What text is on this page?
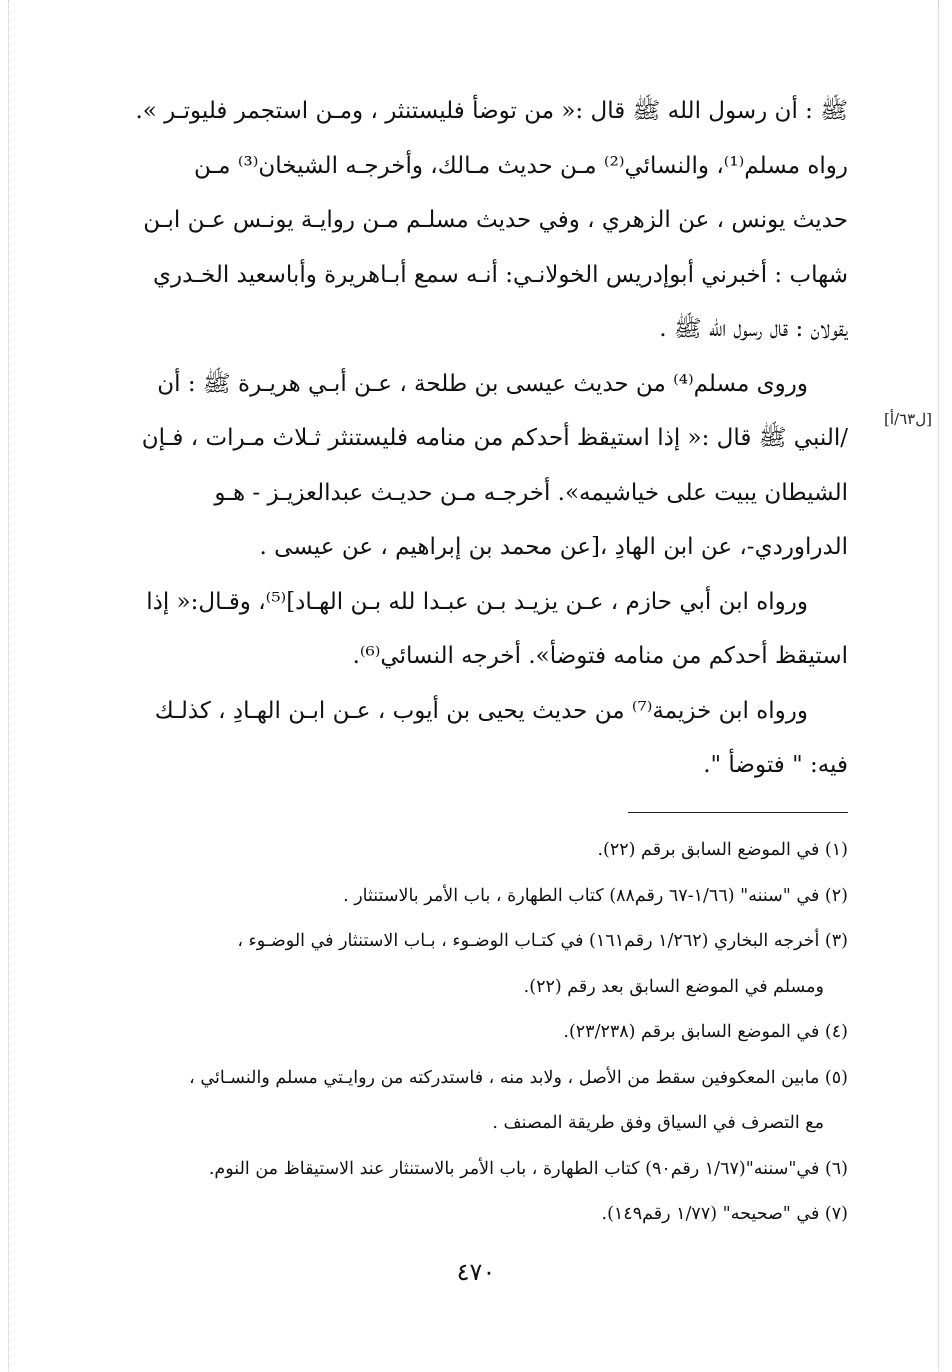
ﷺ : أن رسول الله ﷺ قال :« من توضأ فليستنثر ، ومـن استجمر فليوتـر ».
رواه مسلم⁽¹⁾، والنسائي⁽²⁾ مـن حديث مـالك، وأخرجـه الشيخان⁽³⁾ مـن
حديث يونس ، عن الزهري ، وفي حديث مسلـم مـن روايـة يونـس عـن ابـن
شهاب : أخبرني أبوإدريس الخولانـي: أنـه سمع أبـاهريرة وأباسعيد الخـدري
يقولان : قال رسول الله ﷺ .
وروى مسلم⁽⁴⁾ من حديث عيسى بن طلحة ، عـن أبـي هريـرة ﷺ : أن
/النبي ﷺ قال :« إذا استيقظ أحدكم من منامه فليستنثر ثـلاث مـرات ، فـإن
الشيطان يبيت على خياشيمه». أخرجـه مـن حديـث عبدالعزيـز - هـو
الدراوردي-، عن ابن الهادِ ،[عن محمد بن إبراهيم ، عن عيسى .
ورواه ابن أبي حازم ، عـن يزيـد بـن عبـدا لله بـن الهـاد]⁽⁵⁾، وقـال:« إذا
استيقظ أحدكم من منامه فتوضأ». أخرجه النسائي⁽⁶⁾.
ورواه ابن خزيمة⁽⁷⁾ من حديث يحيى بن أيوب ، عـن ابـن الهـادِ ، كذلـك
فيه: " فتوضأ ".
[ل٦٣/أ]
(١) في الموضع السابق برقم (٢٢).
(٢) في "سننه" (١/٦٦-٦٧ رقم٨٨) كتاب الطهارة ، باب الأمر بالاستنثار .
(٣) أخرجه البخاري (١/٢٦٢ رقم١٦١) في كتـاب الوضـوء ، بـاب الاستنثار في الوضـوء ،
ومسلم في الموضع السابق بعد رقم (٢٢).
(٤) في الموضع السابق برقم (٢٣/٢٣٨).
(٥) مابين المعكوفين سقط من الأصل ، ولابد منه ، فاستدركته من روايـتي مسلم والنسـائي ،
مع التصرف في السياق وفق طريقة المصنف .
(٦) في"سننه"(١/٦٧ رقم٩٠) كتاب الطهارة ، باب الأمر بالاستنثار عند الاستيقاظ من النوم.
(٧) في "صحيحه" (١/٧٧ رقم١٤٩).
٤٧٠
